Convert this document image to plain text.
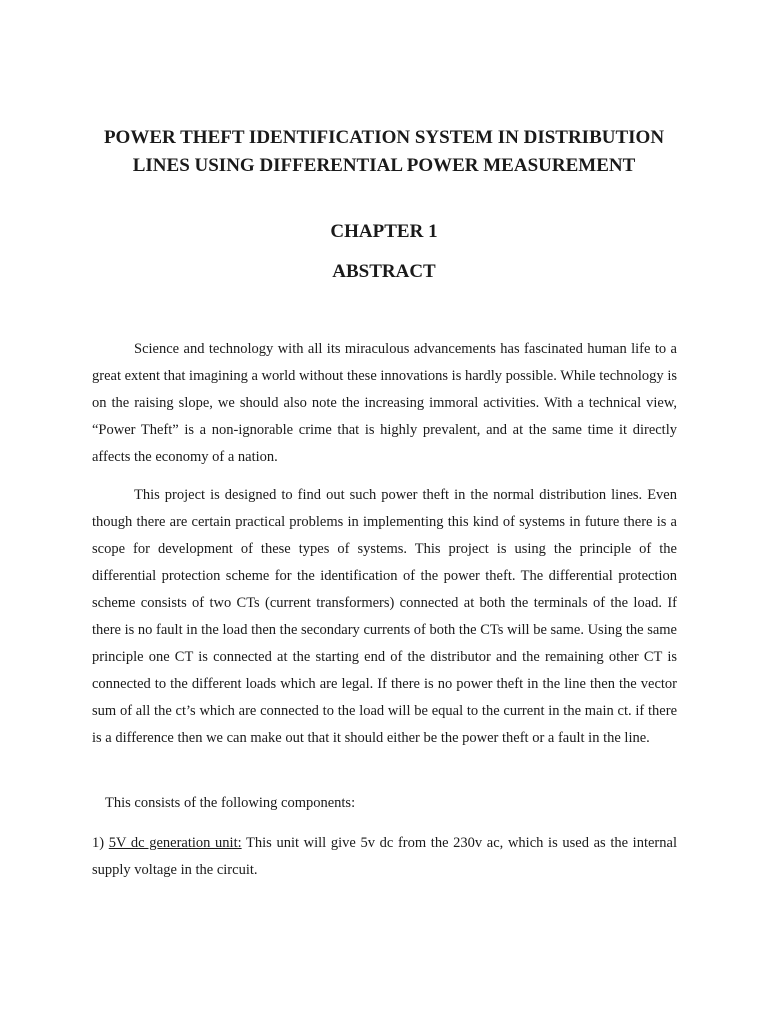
POWER THEFT IDENTIFICATION SYSTEM IN DISTRIBUTION LINES USING DIFFERENTIAL POWER MEASUREMENT
CHAPTER 1
ABSTRACT

Science and technology with all its miraculous advancements has fascinated human life to a great extent that imagining a world without these innovations is hardly possible. While technology is on the raising slope, we should also note the increasing immoral activities. With a technical view, “Power Theft” is a non-ignorable crime that is highly prevalent, and at the same time it directly affects the economy of a nation.

This project is designed to find out such power theft in the normal distribution lines. Even though there are certain practical problems in implementing this kind of systems in future there is a scope for development of these types of systems. This project is using the principle of the differential protection scheme for the identification of the power theft. The differential protection scheme consists of two CTs (current transformers) connected at both the terminals of the load. If there is no fault in the load then the secondary currents of both the CTs will be same. Using the same principle one CT is connected at the starting end of the distributor and the remaining other CT is connected to the different loads which are legal. If there is no power theft in the line then the vector sum of all the ct’s which are connected to the load will be equal to the current in the main ct. if there is a difference then we can make out that it should either be the power theft or a fault in the line.

This consists of the following components:

1) 5V dc generation unit: This unit will give 5v dc from the 230v ac, which is used as the internal supply voltage in the circuit.
